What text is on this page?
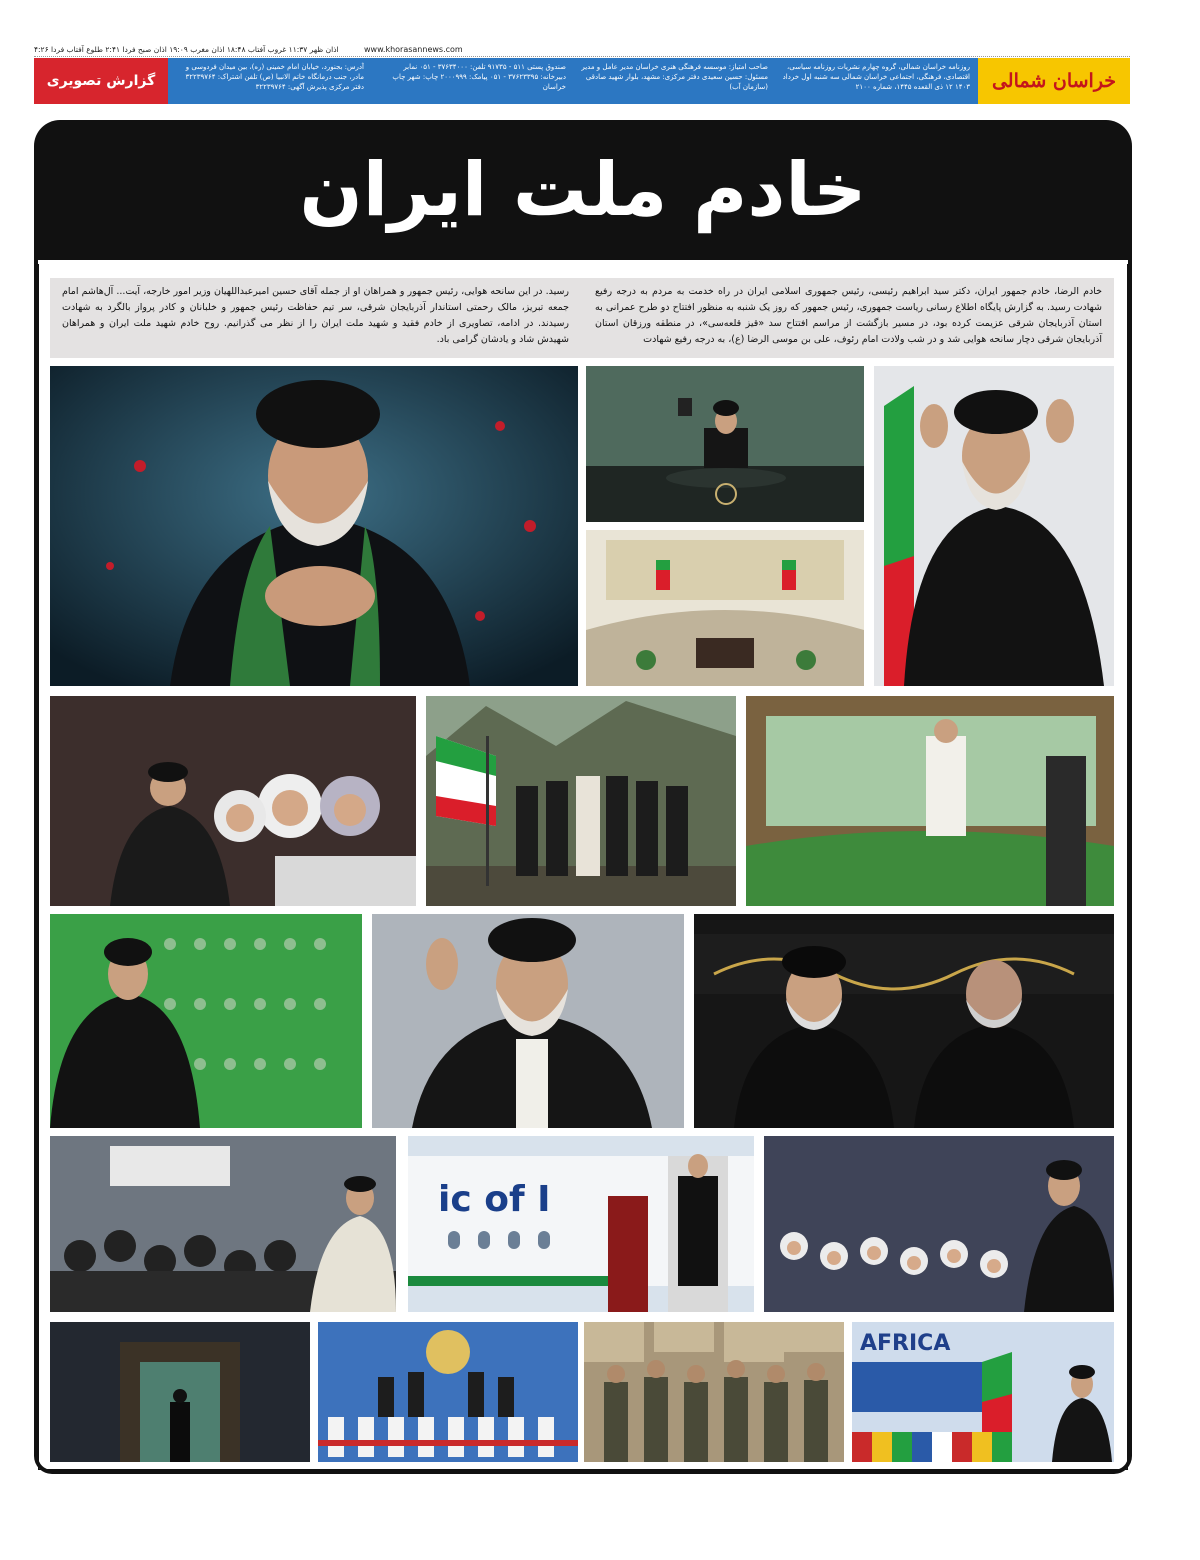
www.khorasannews.com
اذان ظهر ۱۱:۳۷ غروب آفتاب ۱۸:۴۸ اذان مغرب ۱۹:۰۹ اذان صبح فردا ۲:۴۱ طلوع آفتاب فردا ۴:۲۶
گزارش تصویری
روزنامه خراسان شمالی، گروه چهارم نشریات روزنامه سیاسی، اقتصادی، فرهنگی، اجتماعی خراسان شمالی سه شنبه اول خرداد ۱۴۰۳ ۱۲ ذی القعده ۱۴۴۵، شماره ۲۱۰۰
صاحب امتیاز: موسسه فرهنگی هنری خراسان مدیر عامل و مدیر مسئول: حسین سعیدی دفتر مرکزی: مشهد، بلوار شهید صادقی (سازمان آب)
صندوق پستی ۵۱۱ - ۹۱۷۳۵ تلفن: ۳۷۶۳۴۰۰۰ - ۰۵۱ نمابر دبیرخانه: ۳۷۶۲۳۳۹۵ - ۰۵۱ پیامک: ۲۰۰۰۹۹۹ چاپ: شهر چاپ خراسان
آدرس: بجنورد، خیابان امام خمینی (ره)، بین میدان فردوسی و مادر، جنب درمانگاه خاتم الانبیا (ص) تلفن اشتراک: ۳۲۲۳۹۷۶۴ دفتر مرکزی پذیرش آگهی: ۳۲۲۳۹۷۶۴	خراسان شمالی
خادم ملت ایران

خادم الرضا، خادم جمهور ایران، دکتر سید ابراهیم رئیسی، رئیس جمهوری اسلامی ایران در راه خدمت به مردم به درجه رفیع شهادت رسید. به گزارش پایگاه اطلاع رسانی ریاست جمهوری، رئیس جمهور که روز یک شنبه به منظور افتتاح دو طرح عمرانی به استان آذربایجان شرقی عزیمت کرده بود، در مسیر بازگشت از مراسم افتتاح سد «قیز قلعه‌سی»، در منطقه ورزقان استان آذربایجان شرقی دچار سانحه هوایی شد و در شب ولادت امام رئوف، علی بن موسی الرضا (ع)، به درجه رفیع شهادت

رسید. در این سانحه هوایی، رئیس جمهور و همراهان او از جمله آقای حسین امیرعبداللهیان وزیر امور خارجه، آیت... آل‌هاشم امام جمعه تبریز، مالک رحمتی استاندار آذربایجان شرقی، سر تیم حفاظت رئیس جمهور و خلبانان و کادر پرواز بالگرد به شهادت رسیدند. در ادامه، تصاویری از خادم فقید و شهید ملت ایران را از نظر می گذرانیم. روح خادم شهید ملت ایران و همراهان شهیدش شاد و یادشان گرامی باد.

ic of I
AFRICA
